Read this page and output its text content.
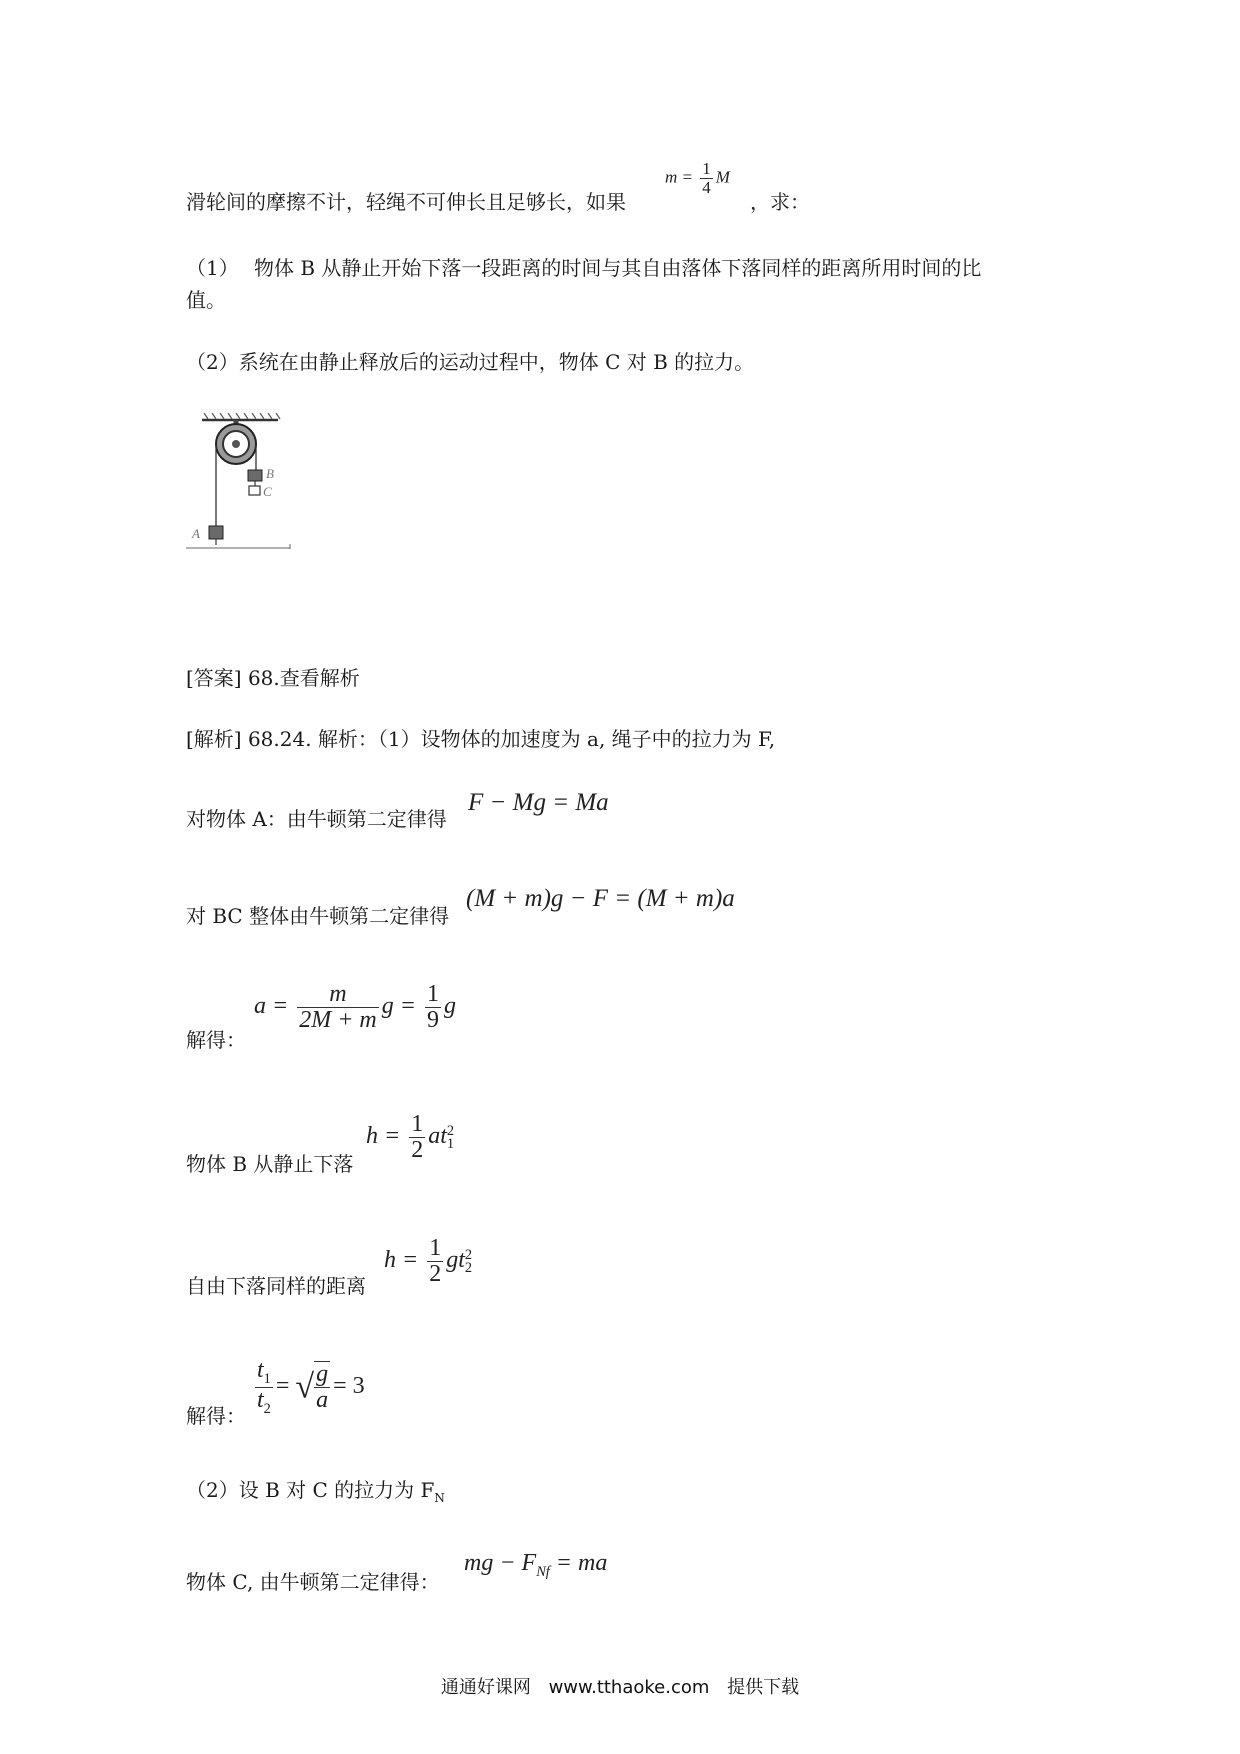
滑轮间的摩擦不计，轻绳不可伸长且足够长，如果
$m = \frac{1}{4}$ M
，求：
（1） 物体 B 从静止开始下落一段距离的时间与其自由落体下落同样的距离所用时间的比
值。
（2）系统在由静止释放后的运动过程中，物体 C 对 B 的拉力。
B
C
A
[答案] 68.查看解析
[解析] 68.24. 解析：（1）设物体的加速度为 a, 绳子中的拉力为 F,
对物体 A：由牛顿第二定律得
F − Mg = Ma
对 BC 整体由牛顿第二定律得
(M + m)g − F = (M + m)a
解得：
$a = \frac{m}{2M + m}$ $g = \frac{1}{9}$ g
物体 B 从静止下落
$h = \frac{1}{2}$ at 2
1
自由下落同样的距离
$h = \frac{1}{2}$ gt 2
2
解得： $\frac{t_1}{t_2}$ = √ $\frac{g}{a} = 3$
（2）设 B 对 C 的拉力为 $F_N$
物体 C, 由牛顿第二定律得：
mg − $F_{Nf}$ = ma
通通好课网 www.tthaoke.com 提供下载
